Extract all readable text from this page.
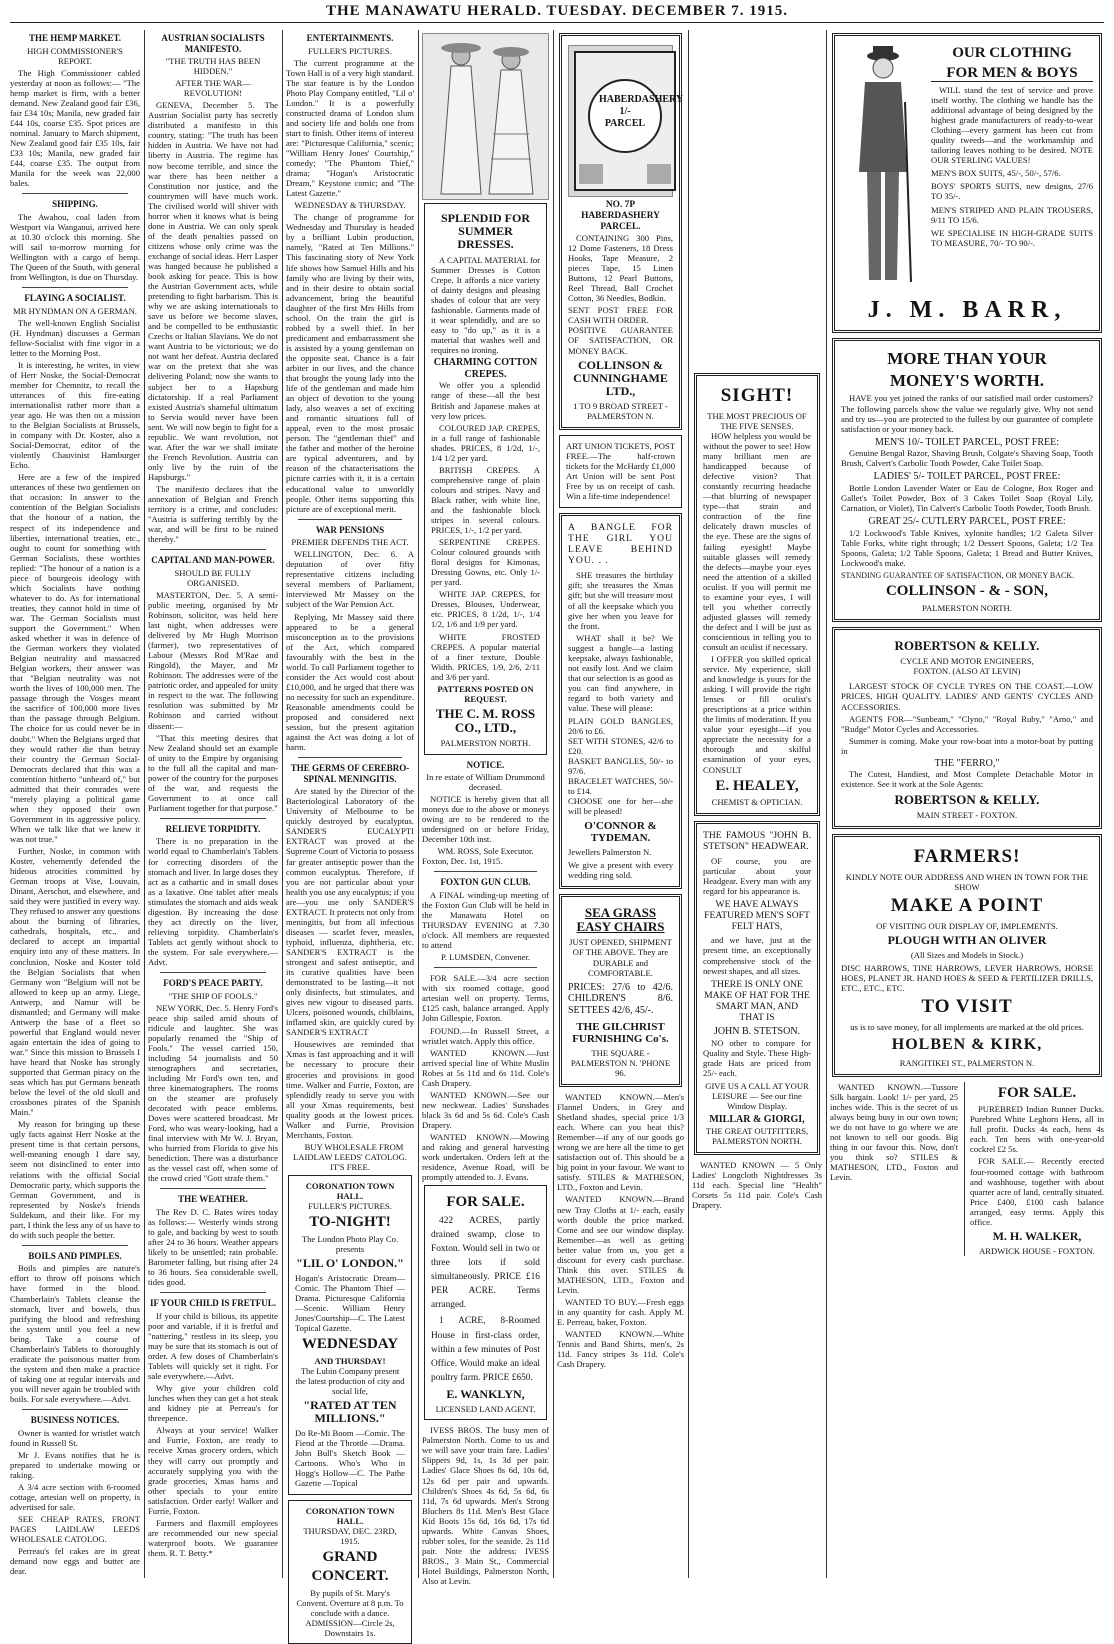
THE MANAWATU HERALD. TUESDAY. DECEMBER 7. 1915.
THE HEMP MARKET.
HIGH COMMISSIONER'S REPORT.

The High Commissioner cabled yesterday at noon as follows:— "The hemp market is firm, with a better demand. New Zealand good fair £36, fair £34 10s; Manila, new graded fair £44 10s, coarse £35. Spot prices are nominal. January to March shipment, New Zealand good fair £35 10s, fair £33 10s; Manila, new graded fair £44, coarse £35. The output from Manila for the week was 22,000 bales.

SHIPPING.

The Awahou, coal laden from Westport via Wanganui, arrived here at 10.30 o'clock this morning. She will sail to-morrow morning for Wellington with a cargo of hemp. The Queen of the South, with general from Wellington, is due on Thursday.

FLAYING A SOCIALIST.
MR HYNDMAN ON A GERMAN.

The well-known English Socialist (H. Hyndman) discusses a German fellow-Socialist with fine vigor in a letter to the Morning Post.

It is interesting, he writes, in view of Herr Noske, the Social-Democrat member for Chemnitz, to recall the utterances of this fire-eating internationalist rather more than a year ago. He was then on a mission to the Belgian Socialists at Brussels, in company with Dr. Koster, also a Social-Democrat, editor of the violently Chauvinist Hamburger Echo.

Here are a few of the inspired utterances of these two gentlemen on that occasion: In answer to the contention of the Belgian Socialists that the honour of a nation, the respect of its independence and liberties, international treaties, etc., ought to count for something with German Socialists, these worthies replied: "The honour of a nation is a piece of bourgeois ideology with which Socialists have nothing whatever to do. As for international treaties, they cannot hold in time of war. The German Socialists must support the Government." When asked whether it was in defence of the German workers they violated Belgian neutrality and massacred Belgian workers, their answer was that "Belgian neutrality was not worth the lives of 100,000 men. The passage through the Vosges meant the sacrifice of 100,000 more lives than the passage through Belgium. The choice for us could never be in doubt." When the Belgians urged that they would rather die than betray their country the German Social-Democrats declared that this was a contention hitherto "unheard of," but admitted that their comrades were "merely playing a political game when they opposed their own Government in its aggressive policy. When we talk like that we knew it was not true."

Further, Noske, in common with Koster, vehemently defended the hideous atrocities committed by German troops at Vise, Louvain, Dinant, Aerschot, and elsewhere, and said they were justified in every way. They refused to answer any questions about the burning of libraries, cathedrals, hospitals, etc., and declared to accept an impartial enquiry into any of these matters. In conclusion, Noske and Koster told the Belgian Socialists that when Germany won "Belgium will not be allowed to keep up an army. Liege, Antwerp, and Namur will be dismantled; and Germany will make Antwerp the base of a fleet so powerful that England would never again entertain the idea of going to war." Since this mission to Brussels I have heard that Noske has strongly supported that German piracy on the seas which has put Germans beneath below the level of the old skull and crossbones pirates of the Spanish Main."

My reason for bringing up these ugly facts against Herr Noske at the present time is that certain persons, well-meaning enough I dare say, seem not disinclined to enter into relations with the official Social Democratic party, which supports the German Government, and is represented by Noske's friends Suldekum, and their like. For my part, I think the less any of us have to do with such people the better.

BOILS AND PIMPLES.

Boils and pimples are nature's effort to throw off poisons which have formed in the blood. Chamberlain's Tablets cleanse the stomach, liver and bowels, thus purifying the blood and refreshing the system until you feel a new being. Take a course of Chamberlain's Tablets to thoroughly eradicate the poisonous matter from the system and then make a practice of taking one at regular intervals and you will never again be troubled with boils. For sale everywhere.—Advt.

BUSINESS NOTICES.

Owner is wanted for wristlet watch found in Russell St.

Mr J. Evans notifies that he is prepared to undertake mowing or raking.

A 3/4 acre section with 6-roomed cottage, artesian well on property, is advertised for sale.

SEE CHEAP RATES, FRONT PAGES LAIDLAW LEEDS WHOLESALE CATOLOG.

Perreau's fel cakes are in great demand now eggs and butter are dear.

AUSTRIAN SOCIALISTS MANIFESTO.
"THE TRUTH HAS BEEN HIDDEN."
AFTER THE WAR—REVOLUTION!

GENEVA, December 5. The Austrian Socialist party has secretly distributed a manifesto in this country, stating: "The truth has been hidden in Austria. We have not had liberty in Austria. The regime has now become terrible, and since the war there has been neither a Constitution nor justice, and the countrymen will have much work. The civilised world will shiver with horror when it knows what is being done in Austria. We can only speak of the death penalties passed on citizens whose only crime was the exchange of social ideas. Herr Lasper was hanged because he published a book asking for peace. This is how the Austrian Government acts, while pretending to fight barbarism. This is why we are asking internationals to save us before we become slaves, and be compelled to be enthusiastic Czechs or Italian Slavians. We do not want Austria to be victorious; we do not want her defeat. Austria declared war on the pretext that she was delivering Poland; now she wants to subject her to a Hapsburg dictatorship. If a real Parliament existed Austria's shameful ultimatum to Servia would never have been sent. We will now begin to fight for a republic. We want revolution, not war. After the war we shall imitate the French Revolution. Austria can only live by the ruin of the Hapsburgs."

The manifesto declares that the annexation of Belgian and French territory is a crime, and concludes: "Austria is suffering terribly by the war, and will be first to be ruined thereby."

CAPITAL AND MAN-POWER.
SHOULD BE FULLY ORGANISED.

MASTERTON, Dec. 5. A semi-public meeting, organised by Mr Robinson, solicitor, was held here last night, when addresses were delivered by Mr Hugh Morrison (farmer), two representatives of Labour (Messrs Rod M'Rae and Ringold), the Mayer, and Mr Robinson. The addresses were of the patriotic order, and appealed for unity in respect to the war. The following resolution was submitted by Mr Robinson and carried without dissent:—

"That this meeting desires that New Zealand should set an example of unity to the Empire by organising to the full all the capital and man-power of the country for the purposes of the war, and requests the Government to at once call Parliament together for that purpose."

RELIEVE TORPIDITY.

There is no preparation in the world equal to Chamberlain's Tablets for correcting disorders of the stomach and liver. In large doses they act as a cathartic and in small doses as a laxative. One tablet after meals stimulates the stomach and aids weak digestion. By increasing the dose they act directly on the liver, relieving torpidity. Chamberlain's Tablets act gently without shock to the system. For sale everywhere.—Advt.

FORD'S PEACE PARTY.
"THE SHIP OF FOOLS."

NEW YORK, Dec. 5. Henry Ford's peace ship sailed amid shouts of ridicule and laughter. She was popularly renamed the "Ship of Fools." The vessel carried 150, including 54 journalists and 50 stenographers and secretaries, including Mr Ford's own ten, and three kinematographers. The rooms on the steamer are profusely decorated with peace emblems. Doves were scattered broadcast. Mr Ford, who was weary-looking, had a final interview with Mr W. J. Bryan, who hurried from Florida to give his benediction. There was a disturbance as the vessel cast off, when some of the crowd cried "Gott strafe them."

THE WEATHER.

The Rev D. C. Bates wires today as follows:— Westerly winds strong to gale, and backing by west to south after 24 to 36 hours. Weather appears likely to be unsettled; rain probable. Barometer falling, but rising after 24 to 36 hours. Sea considerable swell, tides good.

IF YOUR CHILD IS FRETFUL.

If your child is bilious, its appetite poor and variable, if it is fretful and "nattering," restless in its sleep, you may be sure that its stomach is out of order. A few doses of Chamberlain's Tablets will quickly set it right. For sale everywhere.—Advt.

Why give your children cold lunches when they can get a hot steak and kidney pie at Perreau's for threepence.

Always at your service! Walker and Furrie, Foxton, are ready to receive Xmas grocery orders, which they will carry out promptly and accurately supplying you with the grade groceries, Xmas hams and other specials to your entire satisfaction. Order early! Walker and Furrie, Foxton.

Farmers and flaxmill employees are recommended our new special waterproof boots. We guarantee them. R. T. Betty.*

ENTERTAINMENTS.
FULLER'S PICTURES.

The current programme at the Town Hall is of a very high standard. The star feature is by the London Photo Play Company entitled, "Lil o' London." It is a powerfully constructed drama of London slum and society life and holds one from start to finish. Other items of interest are: "Picturesque California," scenic; "William Henry Jones' Courtship," comedy; "The Phantom Thief," drama; "Hogan's Aristocratic Dream," Keystone comic; and "The Latest Gazette."

WEDNESDAY & THURSDAY.

The change of programme for Wednesday and Thursday is headed by a brilliant Lubin production, namely, "Rated at Ten Millions." This fascinating story of New York life shows how Samuel Hills and his family who are living by their wits, and in their desire to obtain social advancement, bring the beautiful daughter of the first Mrs Hills from school. On the train the girl is robbed by a swell thief. In her predicament and embarrassment she is assisted by a young gentleman on the opposite seat. Chance is a fair arbiter in our lives, and the chance that brought the young lady into the life of the gentleman and made him an object of devotion to the young lady, also weaves a set of exciting and romantic situations full of appeal, even to the most prosaic person. The "gentleman thief" and the father and mother of the heroine are typical adventurers, and by reason of the characterisations the picture carries with it, it is a certain educational value to unworldly people. Other items supporting this picture are of exceptional merit.

WAR PENSIONS
PREMIER DEFENDS THE ACT.

WELLINGTON, Dec. 6. A deputation of over fifty representative citizens including several members of Parliament, interviewed Mr Massey on the subject of the War Pension Act.

Replying, Mr Massey said there appeared to be a general misconception as to the provisions of the Act, which compared favourably with the best in the world. To call Parliament together to consider the Act would cost about £10,000, and he urged that there was no necessity for such an expenditure. Reasonable amendments could be proposed and considered next session, but the present agitation against the Act was doing a lot of harm.

THE GERMS OF CEREBRO-SPINAL MENINGITIS.

Are stated by the Director of the Bacteriological Laboratory of the University of Melbourne to be quickly destroyed by eucalyptus. SANDER'S EUCALYPTI EXTRACT was proved at the Supreme Court of Victoria to possess far greater antiseptic power than the common eucalyptus. Therefore, if you are not particular about your health you use any eucalyptus; if you are—you use only SANDER'S EXTRACT. It protects not only from meningitis, but from all infectious diseases — scarlet fever, measles, typhoid, influenza, diphtheria, etc. SANDER'S EXTRACT is the strongest and safest antiseptic, and its curative qualities have been demonstrated to be lasting—it not only disinfects, but stimulates, and gives new vigour to diseased parts. Ulcers, poisoned wounds, chilblains, inflamed skin, are quickly cured by SANDER'S EXTRACT

Housewives are reminded that Xmas is fast approaching and it will be necessary to procure their groceries and provisions in good time. Walker and Furrie, Foxton, are splendidly ready to serve you with all your Xmas requirements, best quality goods at the lowest prices. Walker and Furrie, Provision Merchants, Foxton.

BUY WHOLESALE FROM LAIDLAW LEEDS' CATOLOG. IT'S FREE.

CORONATION TOWN HALL.
FULLER'S PICTURES.
TO-NIGHT!
The London Photo Play Co. presents
"LIL O' LONDON."
Hogan's Aristocratic Dream—Comic. The Phantom Thief —Drama. Picturesque California —Scenic. William Henry Jones'Courtship—C. The Latest Topical Gazette.
WEDNESDAY
AND THURSDAY!
The Lubin Company present the latest production of city and social life,
"RATED AT TEN MILLIONS."
Do Re-Mi Boom —Comic. The Fiend at the Throttle —Drama. John Bull's Sketch Book —Cartoons. Who's Who in Hogg's Hollow—C. The Pathe Gazette —Topical
CORONATION TOWN HALL.
THURSDAY, DEC. 23RD, 1915.
GRAND
CONCERT.
By pupils of St. Mary's Convent. Overture at 8 p.m. To conclude with a dance.
ADMISSION—Circle 2s, Downstairs 1s.
SPLENDID FOR SUMMER DRESSES.

A CAPITAL MATERIAL for Summer Dresses is Cotton Crepe. It affords a nice variety of dainty designs and pleasing shades of colour that are very fashionable. Garments made of it wear splendidly, and are so easy to "do up," as it is a material that washes well and requires no ironing.

CHARMING COTTON CREPES.

We offer you a splendid range of these—all the best British and Japanese makes at very low prices.

COLOURED JAP. CREPES, in a full range of fashionable shades. PRICES, 8 1/2d, 1/-, 1/4 1/2 per yard.

BRITISH CREPES. A comprehensive range of plain colours and stripes. Navy and Black rather, with white line, and the fashionable block stripes in several colours. PRICES, 1/-, 1/2 per yard.

SERPENTINE CREPES. Colour coloured grounds with floral designs for Kimonas, Dressing Gowns, etc. Only 1/- per yard.

WHITE JAP. CREPES, for Dresses, Blouses, Underwear, etc. PRICES, 8 1/2d, 1/-, 1/4 1/2, 1/6 and 1/9 per yard.

WHITE FROSTED CREPES. A popular material of a finer texture, Double Width. PRICES, 1/9, 2/6, 2/11 and 3/6 per yard.

PATTERNS POSTED ON REQUEST.
THE C. M. ROSS CO., LTD.,
PALMERSTON NORTH.
NOTICE.
In re estate of William Drummond deceased.

NOTICE is hereby given that all moneys due to the above or moneys owing are to be rendered to the undersigned on or before Friday, December 10th inst.

WM. ROSS, Sole Executor.
Foxton, Dec. 1st, 1915.
FOXTON GUN CLUB.

A FINAL winding-up meeting of the Foxton Gun Club will be held in the Manawatu Hotel on THURSDAY EVENING at 7.30 o'clock. All members are requested to attend

P. LUMSDEN, Convener.

FOR SALE.—3/4 acre section with six roomed cottage, good artesian well on property. Terms, £125 cash, balance arranged. Apply John Gillespie, Foxton.

FOUND.—In Russell Street, a wristlet watch. Apply this office.

WANTED KNOWN.—Just arrived special line of White Muslin Robes at 5s 11d and 6s 11d. Cole's Cash Drapery.

WANTED KNOWN.—See our new neckwear. Ladies' Sunshades black 3s 6d and 5s 6d. Cole's Cash Drapery.

WANTED KNOWN.—Mowing and raking and general harvesting work undertaken. Orders left at the residence, Avenue Road, will be promptly attended to. J. Evans.

FOR SALE.

422 ACRES, partly drained swamp, close to Foxton. Would sell in two or three lots if sold simultaneously. PRICE £16 PER ACRE. Terms arranged.

1 ACRE, 8-Roomed House in first-class order, within a few minutes of Post Office. Would make an ideal poultry farm. PRICE £650.

E. WANKLYN,
LICENSED LAND AGENT.

IVESS BROS. The busy men of Palmerston North. Come to us and we will save your train fare. Ladies' Slippers 9d, 1s, 1s 3d per pair. Ladies' Glace Shoes 8s 6d, 10s 6d, 12s 6d per pair and upwards. Children's Shoes 4s 6d, 5s 6d, 6s 11d, 7s 6d upwards. Men's Strong Bluchers 8s 11d. Men's Best Glace Kid Boots 15s 6d, 16s 6d, 17s 6d upwards. White Canvas Shoes, rubber soles, for the seaside. 2s 11d pair. Note the address: IVESS BROS., 3 Main St., Commercial Hotel Buildings, Palmerston North, Also at Levin.

HABERDASHERY 1/- PARCEL
NO. 7P HABERDASHERY PARCEL.

CONTAINING 300 Pins, 12 Dome Fasteners, 18 Dress Hooks, Tape Measure, 2 pieces Tape, 15 Linen Buttons, 12 Pearl Buttons, Reel Thread, Ball Crochet Cotton, 36 Needles, Bodkin.

SENT POST FREE FOR CASH WITH ORDER.
POSITIVE GUARANTEE OF SATISFACTION, OR MONEY BACK.
COLLINSON & CUNNINGHAME LTD.,
1 TO 9 BROAD STREET - PALMERSTON N.
ART UNION TICKETS, POST FREE.—The half-crown tickets for the McHardy £1,000 Art Union will be sent Post Free by us on receipt of cash. Win a life-time independence!
A BANGLE FOR THE GIRL YOU LEAVE BEHIND YOU. . .

SHE treasures the birthday gift; she treasures the Xmas gift; but she will treasure most of all the keepsake which you give her when you leave for the front.

WHAT shall it be? We suggest a bangle—a lasting keepsake, always fashionable, not easily lost. And we claim that our selection is as good as you can find anywhere, in regard to both variety and value. These will please:

PLAIN GOLD BANGLES, 20/6 to £6.
SET WITH STONES, 42/6 to £20.
BASKET BANGLES, 50/- to 97/6.
BRACELET WATCHES, 50/- to £14.
CHOOSE one for her—she will be pleased!
O'CONNOR & TYDEMAN.
Jewellers Palmerston N.
We give a present with every wedding ring sold.
SEA GRASS EASY CHAIRS
JUST OPENED, SHIPMENT OF THE ABOVE. They are DURABLE and COMFORTABLE.
PRICES: 27/6 to 42/6. CHILDREN'S 8/6. SETTEES 42/6, 45/-.
THE GILCHRIST FURNISHING Co's.
THE SQUARE - PALMERSTON N. 'PHONE 96.

WANTED KNOWN.—Men's Flannel Unders, in Grey and Shetland shades, special price 1/3 each. Where can you beat this? Remember—if any of our goods go wrong we are here all the time to get satisfaction out of. This should be a big point in your favour. We want to satisfy. STILES & MATHESON, LTD., Foxton and Levin.

WANTED KNOWN.—Brand new Tray Cloths at 1/- each, easily worth double the price marked. Come and see our window display. Remember—as well as getting better value from us, you get a discount for every cash purchase. Think this over. STILES & MATHESON, LTD., Foxton and Levin.

WANTED TO BUY.—Fresh eggs in any quantity for cash. Apply M. E. Perreau, baker, Foxton.

WANTED KNOWN.—White Tennis and Band Shirts, men's, 2s 11d. Fancy stripes 3s 11d. Cole's Cash Drapery.

SIGHT!
THE MOST PRECIOUS OF THE FIVE SENSES.

HOW helpless you would be without the power to see! How many brilliant men are handicapped because of defective vision? That constantly recurring headache—that blurring of newspaper type—that strain and contraction of the fine delicately drawn muscles of the eye. These are the signs of failing eyesight! Maybe suitable glasses will remedy the defects—maybe your eyes need the attention of a skilled oculist. If you will permit me to examine your eyes, I will tell you whether correctly adjusted glasses will remedy the defect and I will be just as conscientious in telling you to consult an oculist if necessary.

I OFFER you skilled optical service. My experience, skill and knowledge is yours for the asking. I will provide the right lenses or fill oculist's prescriptions at a price within the limits of moderation. If you value your eyesight—if you appreciate the necessity for a thorough and skilful examination of your eyes, CONSULT

E. HEALEY,
CHEMIST & OPTICIAN.
THE FAMOUS "JOHN B. STETSON" HEADWEAR.

OF course, you are particular about your Headgear. Every man with any regard for his appearance is.

WE HAVE ALWAYS FEATURED MEN'S SOFT FELT HATS,

and we have, just at the present time, an exceptionally comprehensive stock of the newest shapes, and all sizes.

THERE IS ONLY ONE MAKE OF HAT FOR THE SMART MAN, AND THAT IS
JOHN B. STETSON.

NO other to compare for Quality and Style. These High-grade Hats are priced from 25/- each.

GIVE US A CALL AT YOUR LEISURE — See our fine Window Display.
MILLAR & GIORGI,
THE GREAT OUTFITTERS,
PALMERSTON NORTH.

WANTED KNOWN — 5 Only Ladies' Longcloth Nightdresses 3s 11d each. Special line "Health" Corsets 5s 11d pair. Cole's Cash Drapery.

OUR CLOTHING
FOR MEN & BOYS

WILL stand the test of service and prove itself worthy. The clothing we handle has the additional advantage of being designed by the highest grade manufacturers of ready-to-wear Clothing—every garment has been cut from quality tweeds—and the workmanship and tailoring leaves nothing to be desired. NOTE OUR STERLING VALUES!

MEN'S BOX SUITS, 45/-, 50/-, 57/6.
BOYS' SPORTS SUITS, new designs, 27/6 TO 35/-.
MEN'S STRIPED AND PLAIN TROUSERS, 9/11 TO 15/6.
WE SPECIALISE IN HIGH-GRADE SUITS TO MEASURE, 70/- TO 90/-.
J. M. BARR,
MORE THAN YOUR
MONEY'S WORTH.

HAVE you yet joined the ranks of our satisfied mail order customers? The following parcels show the value we regularly give. Why not send and try us—you are protected to the fullest by our guarantee of complete satisfaction or your money back.

MEN'S 10/- TOILET PARCEL, POST FREE:

Genuine Bengal Razor, Shaving Brush, Colgate's Shaving Soap, Tooth Brush, Calvert's Carbolic Tooth Powder, Cake Toilet Soap.

LADIES' 5/- TOILET PARCEL, POST FREE:

Bottle London Lavender Water or Eau de Cologne, Box Roger and Gallet's Toilet Powder, Box of 3 Cakes Toilet Soap (Royal Lily, Carnation, or Violet), Tin Calvert's Carbolic Tooth Powder, Tooth Brush.

GREAT 25/- CUTLERY PARCEL, POST FREE:

1/2 Lockwood's Table Knives, xylonite handles; 1/2 Galeta Silver Table Forks, white right through; 1/2 Dessert Spoons, Galeta; 1/2 Tea Spoons, Galeta; 1/2 Table Spoons, Galeta; 1 Bread and Butter Knives, Lockwood's make.

STANDING GUARANTEE OF SATISFACTION, OR MONEY BACK.
COLLINSON - & - SON,
PALMERSTON NORTH.
ROBERTSON & KELLY.
CYCLE AND MOTOR ENGINEERS,
FOXTON. (ALSO AT LEVIN)

LARGEST STOCK OF CYCLE TYRES ON THE COAST.—LOW PRICES, HIGH QUALITY. LADIES' AND GENTS' CYCLES AND ACCESSORIES.

AGENTS FOR—"Sunbeam," "Clyno," "Royal Ruby," "Arno," and "Rudge" Motor Cycles and Accessories.

Summer is coming. Make your row-boat into a motor-boat by putting in

THE "FERRO,"

The Cutest, Handiest, and Most Complete Detachable Motor in existence. See it work at the Sole Agents:

ROBERTSON & KELLY.
MAIN STREET - FOXTON.
FARMERS!
KINDLY NOTE OUR ADDRESS AND WHEN IN TOWN FOR THE SHOW
MAKE A POINT
OF VISITING OUR DISPLAY OF, IMPLEMENTS.
PLOUGH WITH AN OLIVER
(All Sizes and Models in Stock.)
DISC HARROWS, TINE HARROWS, LEVER HARROWS, HORSE HOES, PLANET JR. HAND HOES & SEED & FERTILIZER DRILLS, ETC., ETC., ETC.
TO VISIT
us is to save money, for all implements are marked at the old prices.
HOLBEN & KIRK,
RANGITIKEI ST., PALMERSTON N.

WANTED KNOWN.—Tussore Silk bargain. Look! 1/- per yard, 25 inches wide. This is the secret of us always being busy in our own town; we do not have to go where we are not known to sell our goods. Big thing in our favour this. Now, don't you think so? STILES & MATHESON, LTD., Foxton and Levin.

FOR SALE.

PUREBRED Indian Runner Ducks. Purebred White Leghorn Hens, all in full profit. Ducks 4s each, hens 4s each. Ten hens with one-year-old cockrel £2 5s.

FOR SALE.— Recently erected four-roomed cottage with bathroom and washhouse, together with about quarter acre of land, centrally situated. Price £400, £100 cash balance arranged, easy terms. Apply this office.

M. H. WALKER,
ARDWICK HOUSE - FOXTON.
